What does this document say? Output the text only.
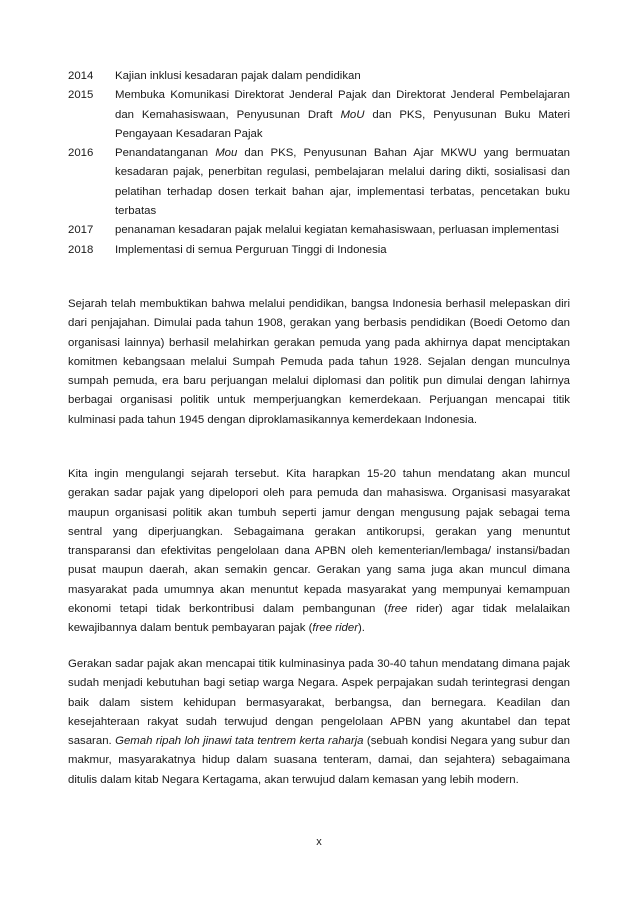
2014	Kajian inklusi kesadaran pajak dalam pendidikan
2015	Membuka Komunikasi Direktorat Jenderal Pajak dan Direktorat Jenderal Pembelajaran dan Kemahasiswaan, Penyusunan Draft MoU dan PKS, Penyusunan Buku Materi Pengayaan Kesadaran Pajak
2016	Penandatanganan Mou dan PKS, Penyusunan Bahan Ajar MKWU yang bermuatan kesadaran pajak, penerbitan regulasi, pembelajaran melalui daring dikti, sosialisasi dan pelatihan terhadap dosen terkait bahan ajar, implementasi terbatas, pencetakan buku terbatas
2017	penanaman kesadaran pajak melalui kegiatan kemahasiswaan, perluasan implementasi
2018	Implementasi di semua Perguruan Tinggi di Indonesia

Sejarah telah membuktikan bahwa melalui pendidikan, bangsa Indonesia berhasil melepaskan diri dari penjajahan. Dimulai pada tahun 1908, gerakan yang berbasis pendidikan (Boedi Oetomo dan organisasi lainnya) berhasil melahirkan gerakan pemuda yang pada akhirnya dapat menciptakan komitmen kebangsaan melalui Sumpah Pemuda pada tahun 1928. Sejalan dengan munculnya sumpah pemuda, era baru perjuangan melalui diplomasi dan politik pun dimulai dengan lahirnya berbagai organisasi politik untuk memperjuangkan kemerdekaan. Perjuangan mencapai titik kulminasi pada tahun 1945 dengan diproklamasikannya kemerdekaan Indonesia.

Kita ingin mengulangi sejarah tersebut. Kita harapkan 15-20 tahun mendatang akan muncul gerakan sadar pajak yang dipelopori oleh para pemuda dan mahasiswa. Organisasi masyarakat maupun organisasi politik akan tumbuh seperti jamur dengan mengusung pajak sebagai tema sentral yang diperjuangkan. Sebagaimana gerakan antikorupsi, gerakan yang menuntut transparansi dan efektivitas pengelolaan dana APBN oleh kementerian/lembaga/ instansi/badan pusat maupun daerah, akan semakin gencar. Gerakan yang sama juga akan muncul dimana masyarakat pada umumnya akan menuntut kepada masyarakat yang mempunyai kemampuan ekonomi tetapi tidak berkontribusi dalam pembangunan (free rider) agar tidak melalaikan kewajibannya dalam bentuk pembayaran pajak (free rider).

Gerakan sadar pajak akan mencapai titik kulminasinya pada 30-40 tahun mendatang dimana pajak sudah menjadi kebutuhan bagi setiap warga Negara. Aspek perpajakan sudah terintegrasi dengan baik dalam sistem kehidupan bermasyarakat, berbangsa, dan bernegara. Keadilan dan kesejahteraan rakyat sudah terwujud dengan pengelolaan APBN yang akuntabel dan tepat sasaran. Gemah ripah loh jinawi tata tentrem kerta raharja (sebuah kondisi Negara yang subur dan makmur, masyarakatnya hidup dalam suasana tenteram, damai, dan sejahtera) sebagaimana ditulis dalam kitab Negara Kertagama, akan terwujud dalam kemasan yang lebih modern.

x
